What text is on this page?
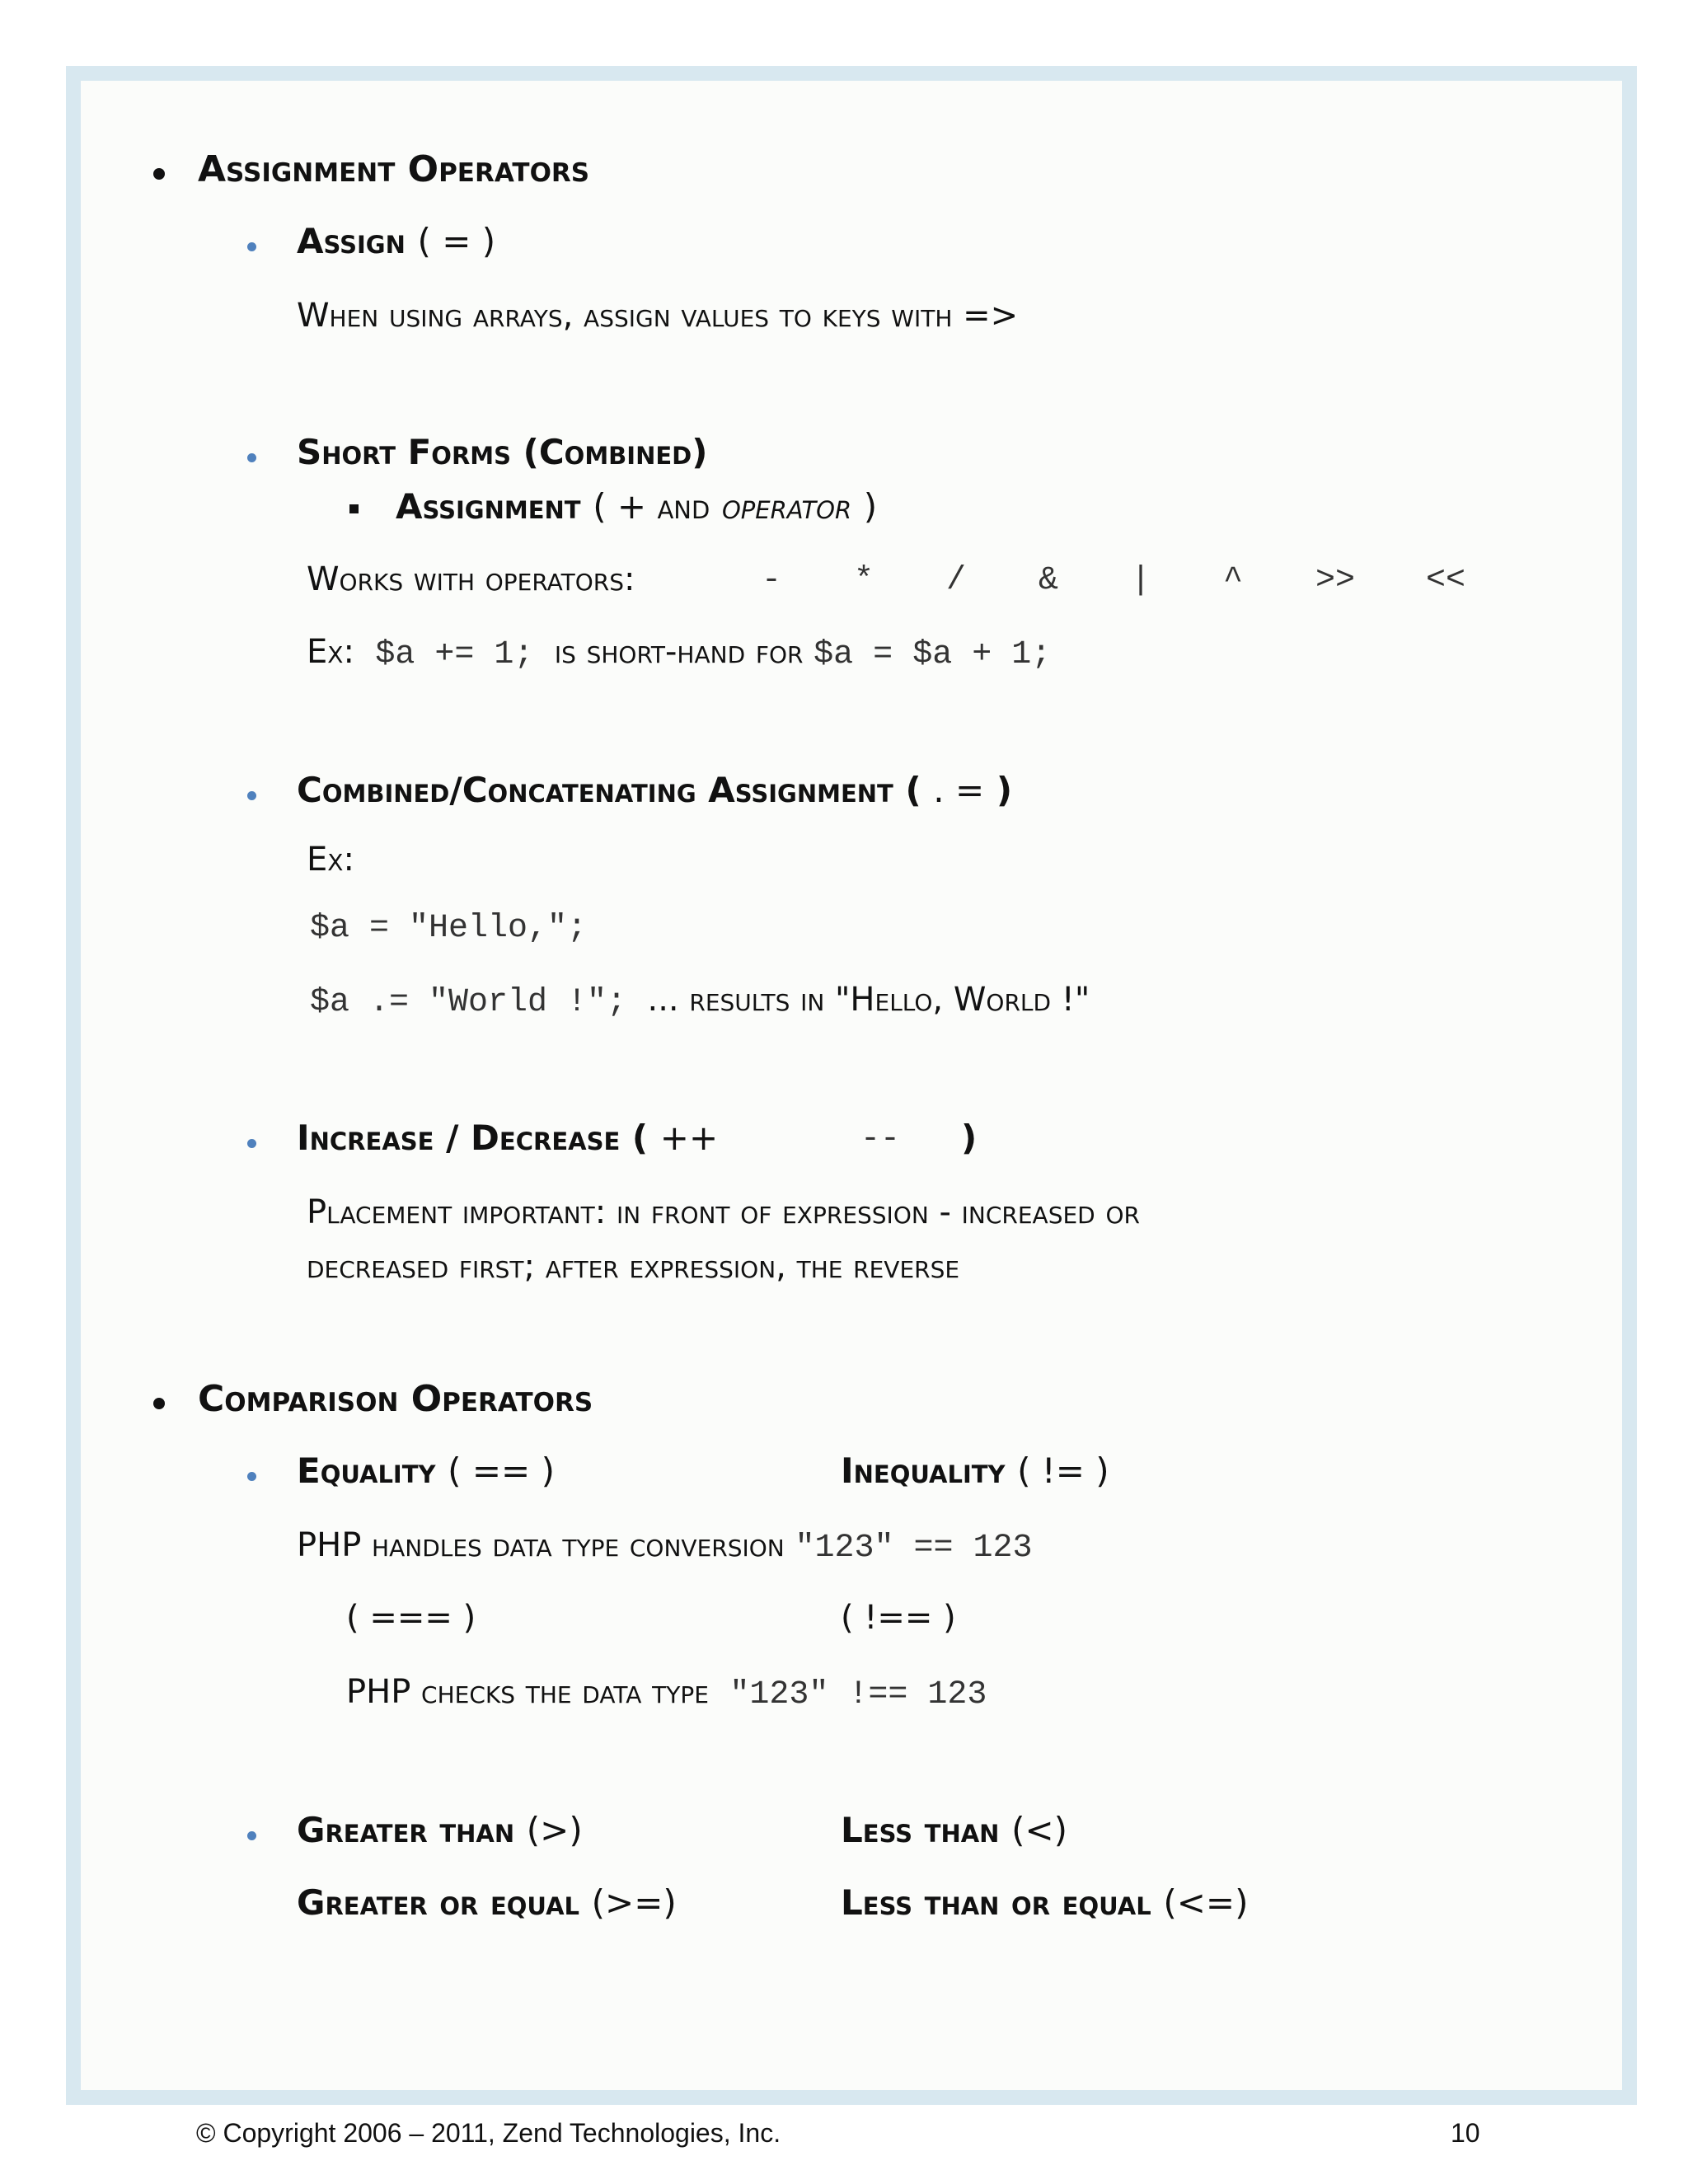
Assignment Operators
Assign ( = )
When using arrays, assign values to keys with =>
Short Forms (Combined)
Assignment ( + and operator )
Works with operators:	- * / & | ^ >> <<
Ex: $a += 1; is short-hand for $a = $a + 1;
Combined/Concatenating Assignment ( . = )
Ex:
$a = "Hello,";
$a .= "World !"; ... results in "Hello, World !"
Increase / Decrease ( ++	-- )
Placement important: in front of expression - increased or
decreased first; after expression, the reverse
Comparison Operators
Equality ( == )	Inequality ( != )
PHP handles data type conversion "123" == 123
( === )	( !== )
PHP checks the data type "123" !== 123
Greater than (>)	Less than (<)
Greater or equal (>=)	Less than or equal (<=)
© Copyright 2006 – 2011, Zend Technologies, Inc.	10
